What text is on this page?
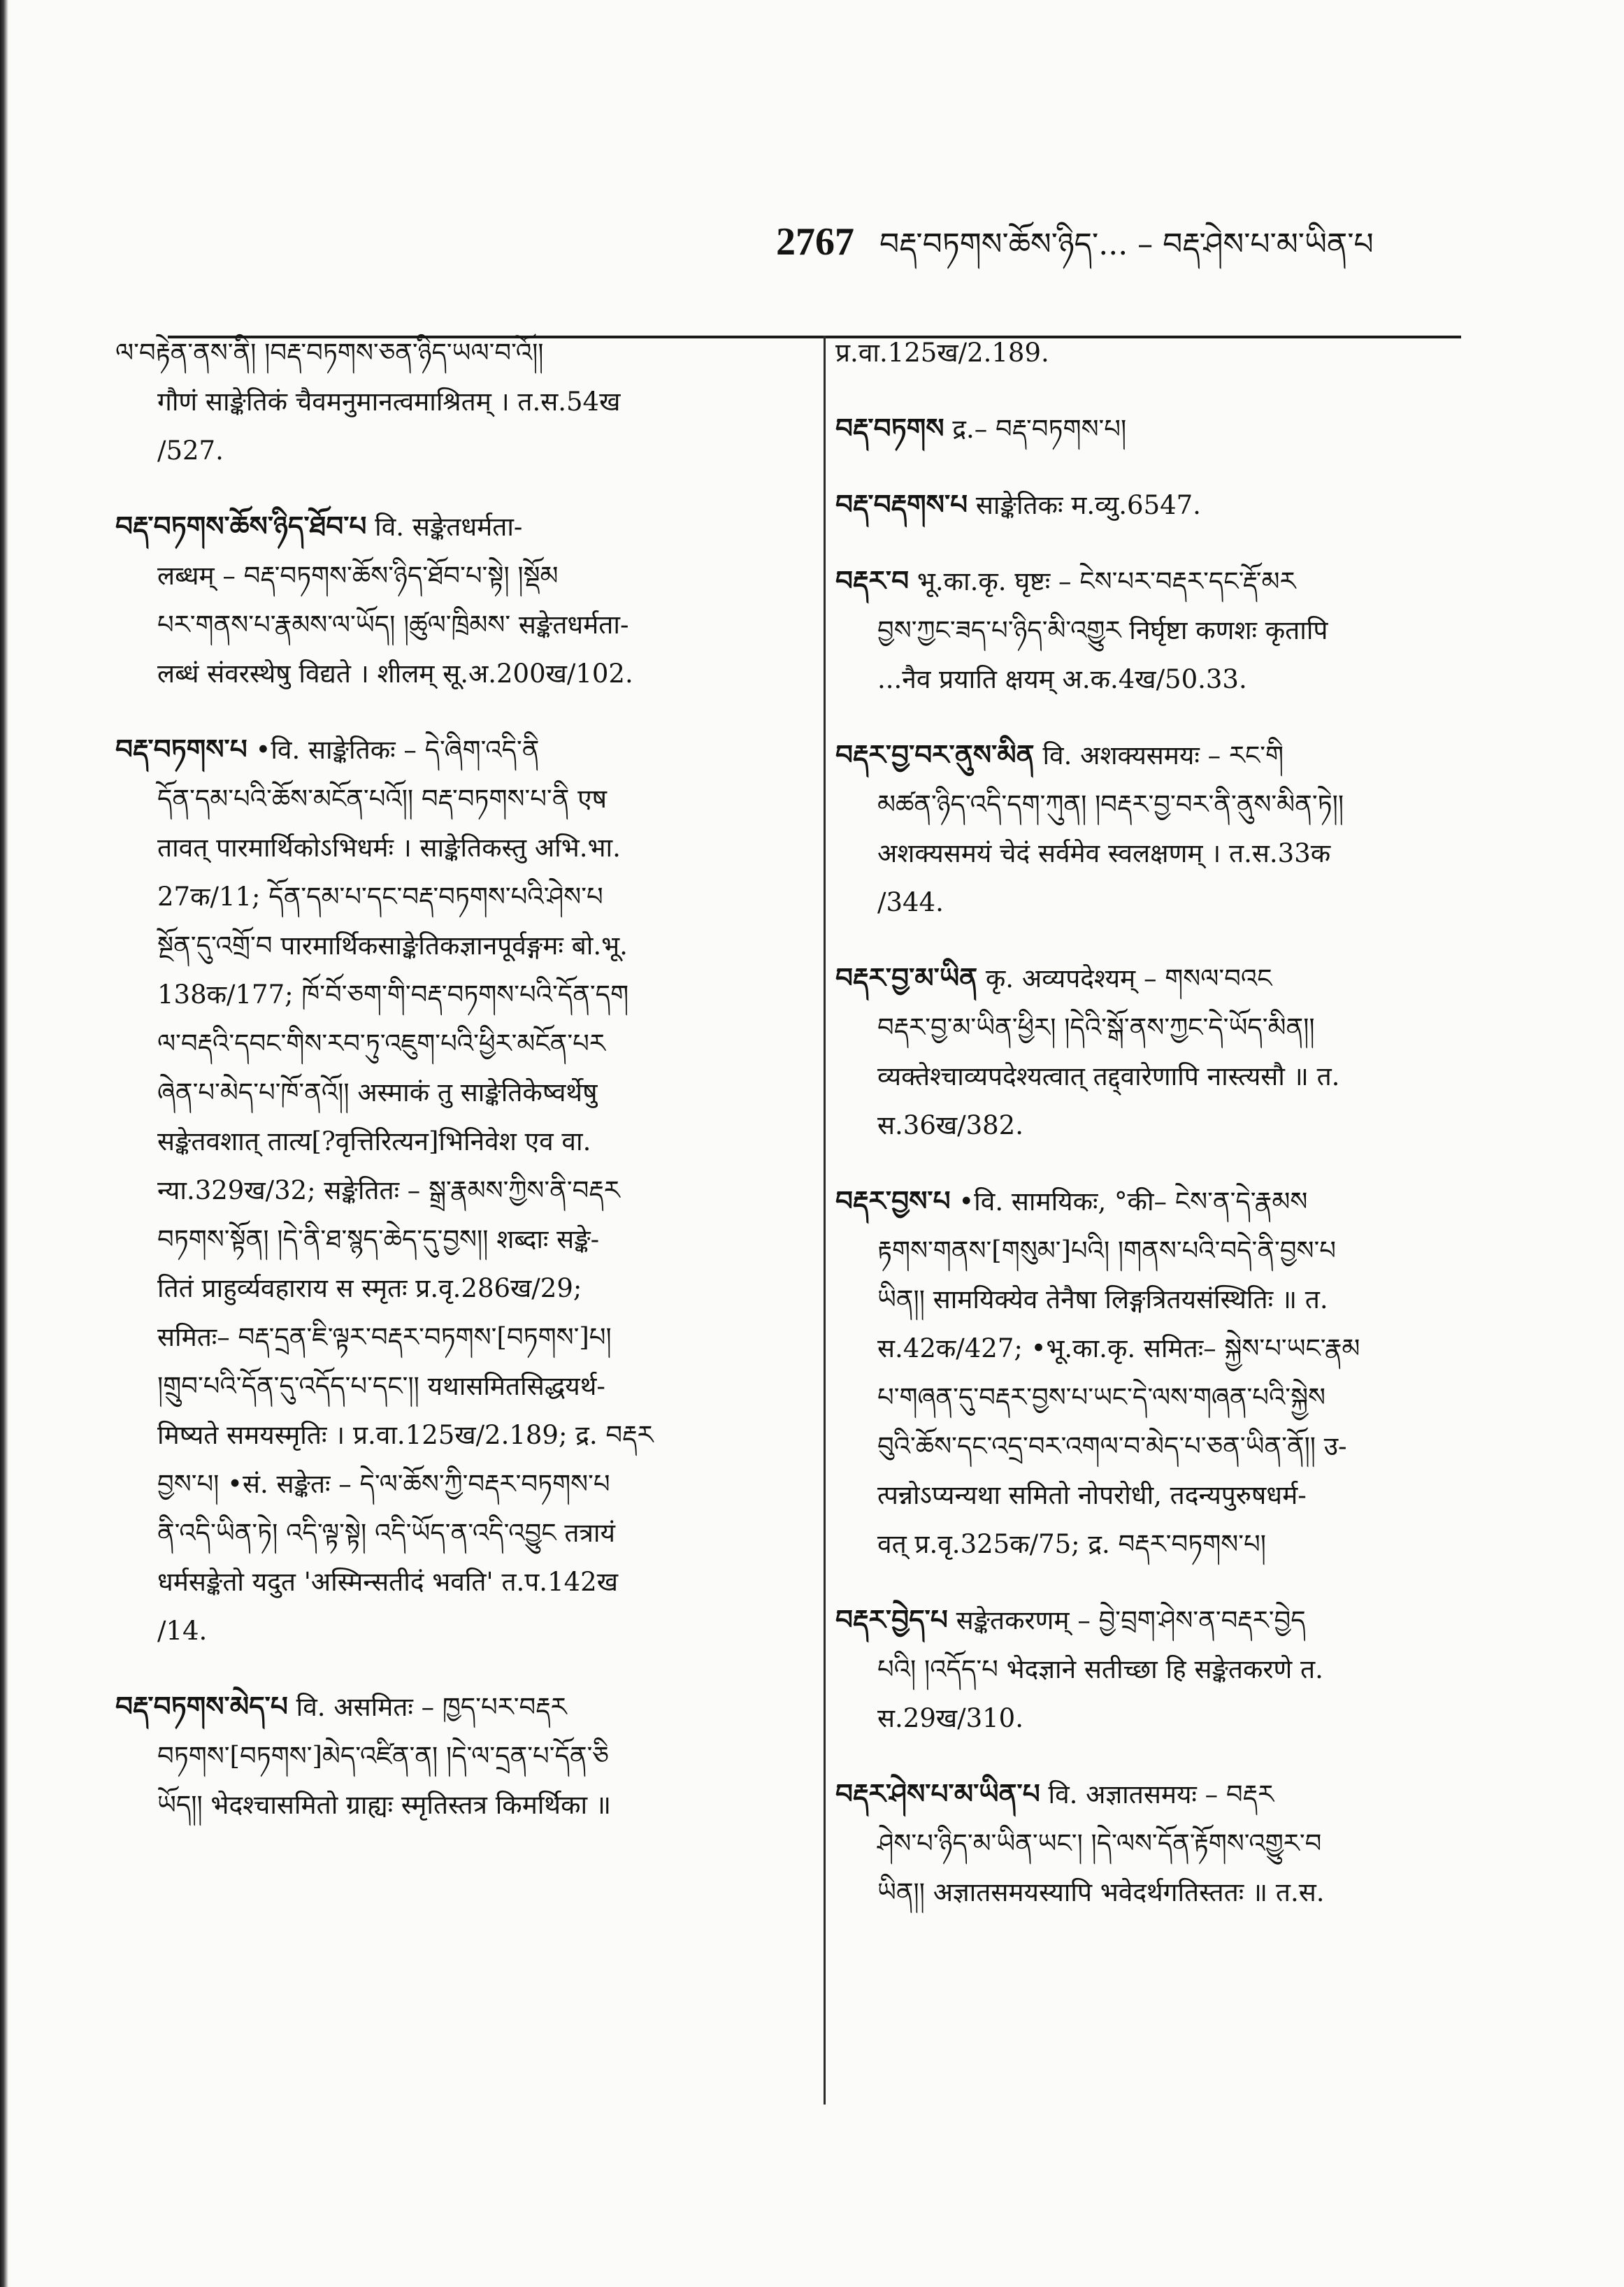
2767 བརྡ་བཏགས་ཆོས་ཉིད་... – བརྡ་ཤེས་པ་མ་ཡིན་པ
ལ་བརྟེན་ནས་ནི། །བརྡ་བཏགས་ཅན་ཉིད་ཡལ་བ་འོ།།
गौणं साङ्केतिकं चैवमनुमानत्वमाश्रितम् । त.स.54ख
/527.
བརྡ་བཏགས་ཆོས་ཉིད་ཐོབ་པ वि. सङ्केतधर्मता-
लब्धम् – བརྡ་བཏགས་ཆོས་ཉིད་ཐོབ་པ་སྟེ། །སྡོམ
པར་གནས་པ་རྣམས་ལ་ཡོད། །ཚུལ་ཁྲིམས་ सङ्केतधर्मता-
लब्धं संवरस्थेषु विद्यते । शीलम् सू.अ.200ख/102.
བརྡ་བཏགས་པ •वि. साङ्केतिकः – དེ་ཞིག་འདི་ནི
དོན་དམ་པའི་ཆོས་མངོན་པའོ།། བརྡ་བཏགས་པ་ནི एष
तावत् पारमार्थिकोऽभिधर्मः । साङ्केतिकस्तु अभि.भा.
27क/11; དོན་དམ་པ་དང་བརྡ་བཏགས་པའི་ཤེས་པ
སྔོན་དུ་འགྲོ་བ पारमार्थिकसाङ्केतिकज्ञानपूर्वङ्गमः बो.भू.
138क/177; ཁོ་བོ་ཅག་གི་བརྡ་བཏགས་པའི་དོན་དག
ལ་བརྡའི་དབང་གིས་རབ་ཏུ་འཇུག་པའི་ཕྱིར་མངོན་པར
ཞེན་པ་མེད་པ་ཁོ་ནའོ།། अस्माकं तु साङ्केतिकेष्वर्थेषु
सङ्केतवशात् तात्य[?वृत्तिरित्यन]भिनिवेश एव वा.
न्या.329ख/32; सङ्केतितः – སྒྲ་རྣམས་ཀྱིས་ནི་བརྡར
བཏགས་སྟོན། །དེ་ནི་ཐ་སྙད་ཆེད་དུ་བྱས།། शब्दाः सङ्के-
तितं प्राहुर्व्यवहाराय स स्मृतः प्र.वृ.286ख/29;
समितः– བརྡ་དྲན་ཇི་ལྟར་བརྡར་བཏགས་[བཏགས་]པ།
།གྲུབ་པའི་དོན་དུ་འདོད་པ་དང་།། यथासमितसिद्धयर्थ-
मिष्यते समयस्मृतिः । प्र.वा.125ख/2.189; द्र. བརྡར
བྱས་པ། •सं. सङ्केतः – དེ་ལ་ཆོས་ཀྱི་བརྡར་བཏགས་པ
ནི་འདི་ཡིན་ཏེ། འདི་ལྟ་སྟེ། འདི་ཡོད་ན་འདི་འབྱུང तत्रायं
धर्मसङ्केतो यदुत 'अस्मिन्सतीदं भवति' त.प.142ख
/14.
བརྡ་བཏགས་མེད་པ वि. असमितः – ཁྱད་པར་བརྡར
བཏགས་[བཏགས་]མེད་འཛིན་ན། །དེ་ལ་དྲན་པ་དོན་ཅི
ཡོད།། भेदश्चासमितो ग्राह्यः स्मृतिस्तत्र किमर्थिका ॥
प्र.वा.125ख/2.189.
བརྡ་བཏགས द्र.– བརྡ་བཏགས་པ།
བརྡ་བརྡགས་པ साङ्केतिकः म.व्यु.6547.
བརྡར་བ भू.का.कृ. घृष्टः – ངེས་པར་བརྡར་དང་རྡོ་མར
བྱས་ཀྱང་ཟད་པ་ཉིད་མི་འགྱུར निर्घृष्टा कणशः कृतापि
...नैव प्रयाति क्षयम् अ.क.4ख/50.33.
བརྡར་བྱ་བར་ནུས་མིན वि. अशक्यसमयः – རང་གི
མཚན་ཉིད་འདི་དག་ཀུན། །བརྡར་བྱ་བར་ནི་ནུས་མིན་ཏེ།།
अशक्यसमयं चेदं सर्वमेव स्वलक्षणम् । त.स.33क
/344.
བརྡར་བྱ་མ་ཡིན कृ. अव्यपदेश्यम् – གསལ་བའང
བརྡར་བྱ་མ་ཡིན་ཕྱིར། །དེའི་སྒོ་ནས་ཀྱང་དེ་ཡོད་མིན།།
व्यक्तेश्चाव्यपदेश्यत्वात् तद्द्वारेणापि नास्त्यसौ ॥ त.
स.36ख/382.
བརྡར་བྱས་པ •वि. सामयिकः, °की– ངེས་ན་དེ་རྣམས
རྟགས་གནས་[གསུམ་]པའི། །གནས་པའི་བདེ་ནི་བྱས་པ
ཡིན།། सामयिक्येव तेनैषा लिङ्गत्रितयसंस्थितिः ॥ त.
स.42क/427; •भू.का.कृ. समितः– སྐྱེས་པ་ཡང་རྣམ
པ་གཞན་དུ་བརྡར་བྱས་པ་ཡང་དེ་ལས་གཞན་པའི་སྐྱེས
བུའི་ཆོས་དང་འདྲ་བར་འགལ་བ་མེད་པ་ཅན་ཡིན་ནོ།། उ-
त्पन्नोऽप्यन्यथा समितो नोपरोधी, तदन्यपुरुषधर्म-
वत् प्र.वृ.325क/75; द्र. བརྡར་བཏགས་པ།
བརྡར་བྱེད་པ सङ्केतकरणम् – བྱེ་བྲག་ཤེས་ན་བརྡར་བྱེད
པའི། །འདོད་པ भेदज्ञाने सतीच्छा हि सङ्केतकरणे त.
स.29ख/310.
བརྡར་ཤེས་པ་མ་ཡིན་པ वि. अज्ञातसमयः – བརྡར
ཤེས་པ་ཉིད་མ་ཡིན་ཡང་། །དེ་ལས་དོན་རྟོགས་འགྱུར་བ
ཡིན།། अज्ञातसमयस्यापि भवेदर्थगतिस्ततः ॥ त.स.
